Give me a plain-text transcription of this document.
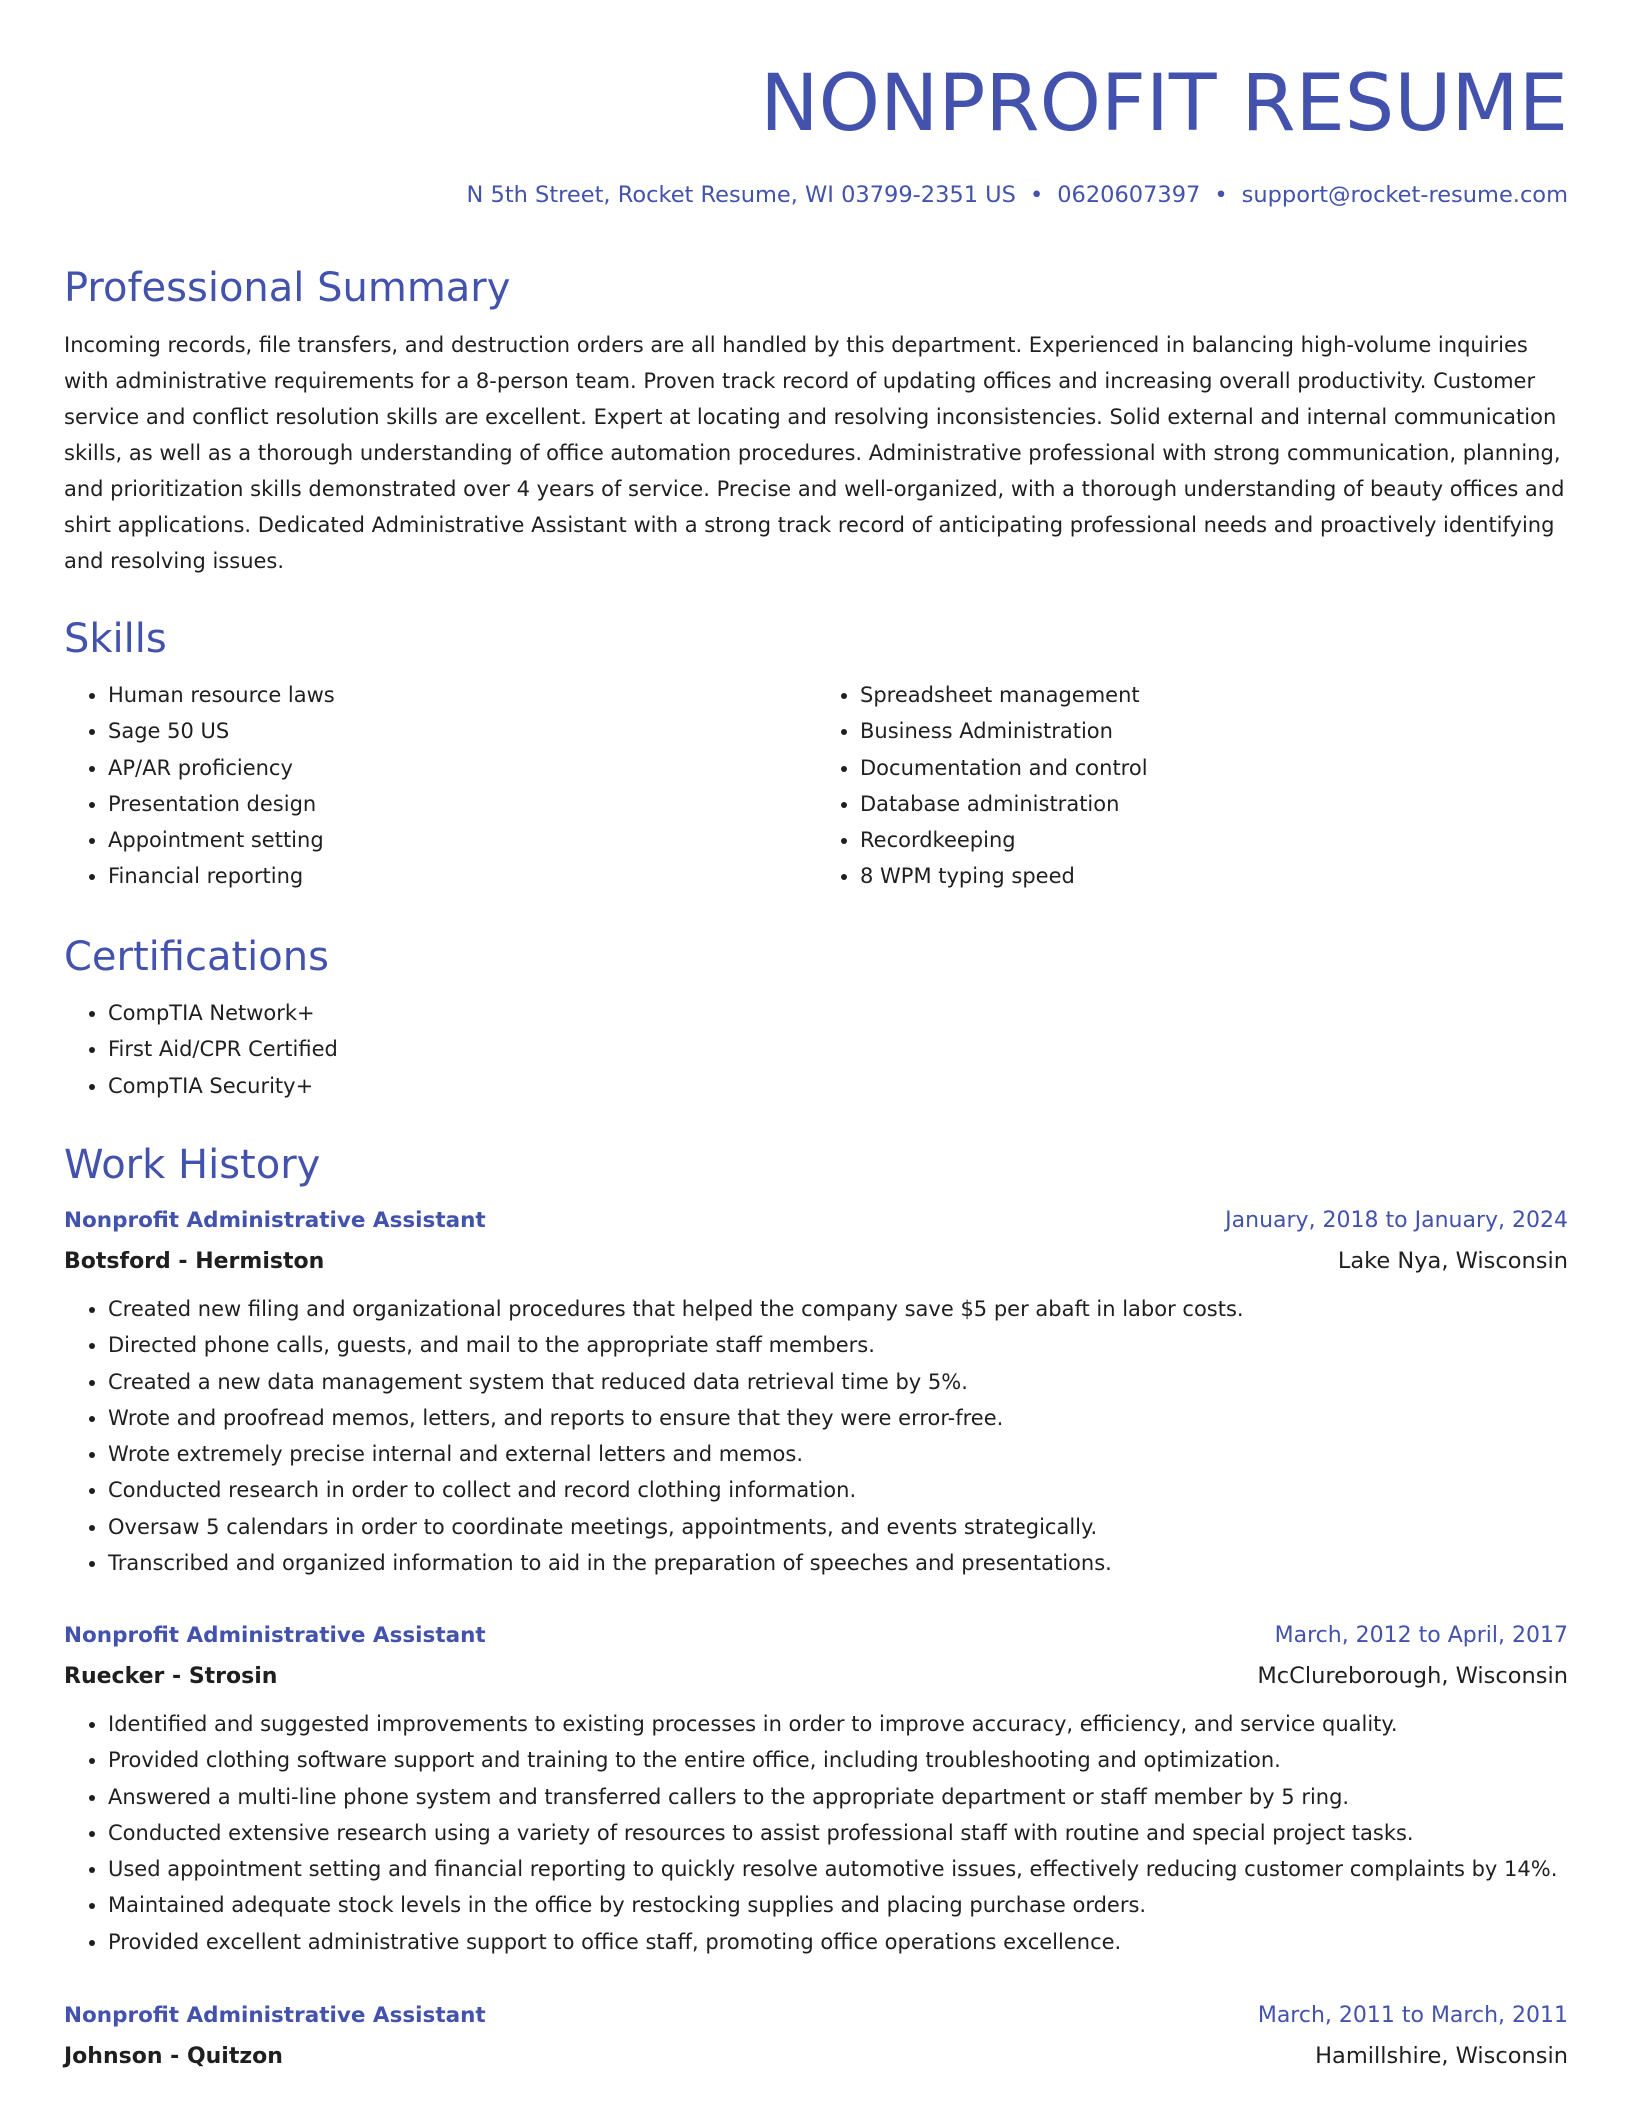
NONPROFIT RESUME
N 5th Street, Rocket Resume, WI 03799-2351 US • 0620607397 • support@rocket-resume.com
Professional Summary

Incoming records, file transfers, and destruction orders are all handled by this department. Experienced in balancing high-volume inquiries with administrative requirements for a 8-person team. Proven track record of updating offices and increasing overall productivity. Customer service and conflict resolution skills are excellent. Expert at locating and resolving inconsistencies. Solid external and internal communication skills, as well as a thorough understanding of office automation procedures. Administrative professional with strong communication, planning, and prioritization skills demonstrated over 4 years of service. Precise and well-organized, with a thorough understanding of beauty offices and shirt applications. Dedicated Administrative Assistant with a strong track record of anticipating professional needs and proactively identifying and resolving issues.

Skills
• Human resource laws
• Sage 50 US
• AP/AR proficiency
• Presentation design
• Appointment setting
• Financial reporting
• Spreadsheet management
• Business Administration
• Documentation and control
• Database administration
• Recordkeeping
• 8 WPM typing speed
Certifications
• CompTIA Network+
• First Aid/CPR Certified
• CompTIA Security+
Work History
Nonprofit Administrative Assistant	January, 2018 to January, 2024
Botsford - Hermiston	Lake Nya, Wisconsin
• Created new filing and organizational procedures that helped the company save $5 per abaft in labor costs.
• Directed phone calls, guests, and mail to the appropriate staff members.
• Created a new data management system that reduced data retrieval time by 5%.
• Wrote and proofread memos, letters, and reports to ensure that they were error-free.
• Wrote extremely precise internal and external letters and memos.
• Conducted research in order to collect and record clothing information.
• Oversaw 5 calendars in order to coordinate meetings, appointments, and events strategically.
• Transcribed and organized information to aid in the preparation of speeches and presentations.
Nonprofit Administrative Assistant	March, 2012 to April, 2017
Ruecker - Strosin	McClureborough, Wisconsin
• Identified and suggested improvements to existing processes in order to improve accuracy, efficiency, and service quality.
• Provided clothing software support and training to the entire office, including troubleshooting and optimization.
• Answered a multi-line phone system and transferred callers to the appropriate department or staff member by 5 ring.
• Conducted extensive research using a variety of resources to assist professional staff with routine and special project tasks.
• Used appointment setting and financial reporting to quickly resolve automotive issues, effectively reducing customer complaints by 14%.
• Maintained adequate stock levels in the office by restocking supplies and placing purchase orders.
• Provided excellent administrative support to office staff, promoting office operations excellence.
Nonprofit Administrative Assistant	March, 2011 to March, 2011
Johnson - Quitzon	Hamillshire, Wisconsin
